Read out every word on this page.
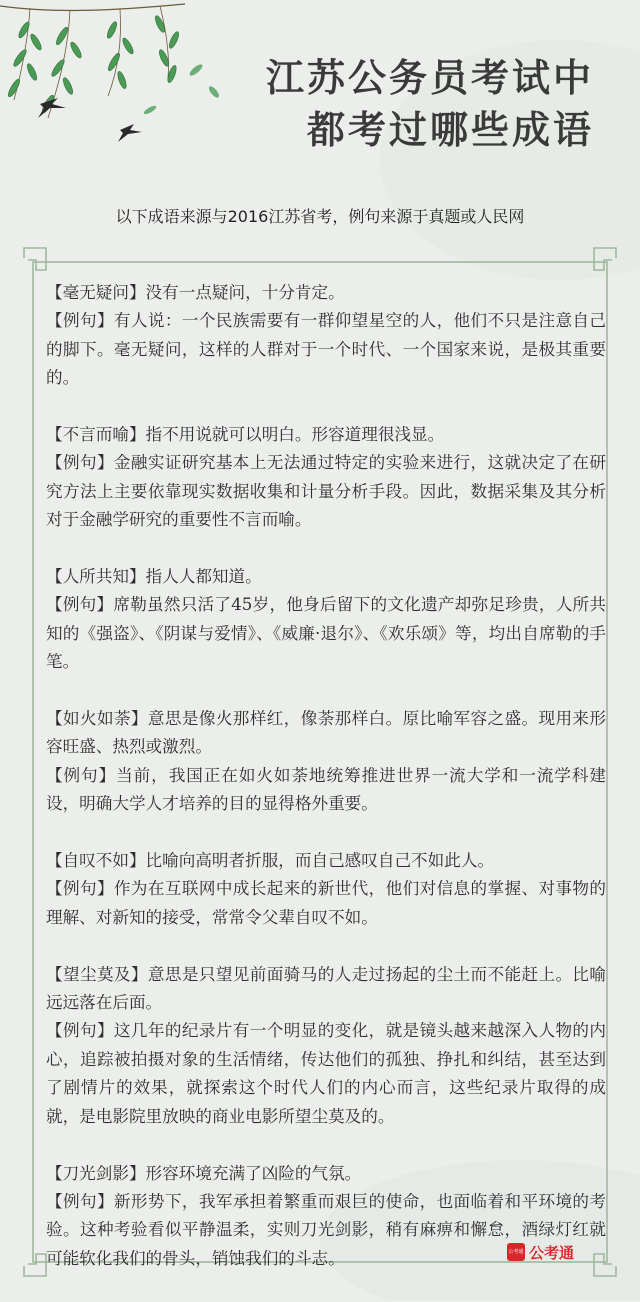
江苏公务员考试中
都考过哪些成语
以下成语来源与2016江苏省考，例句来源于真题或人民网

【毫无疑问】没有一点疑问，十分肯定。

【例句】有人说：一个民族需要有一群仰望星空的人，他们不只是注意自己的脚下。毫无疑问，这样的人群对于一个时代、一个国家来说，是极其重要的。

【不言而喻】指不用说就可以明白。形容道理很浅显。

【例句】金融实证研究基本上无法通过特定的实验来进行，这就决定了在研究方法上主要依靠现实数据收集和计量分析手段。因此，数据采集及其分析对于金融学研究的重要性不言而喻。

【人所共知】指人人都知道。

【例句】席勒虽然只活了45岁，他身后留下的文化遗产却弥足珍贵，人所共知的《强盗》、《阴谋与爱情》、《威廉·退尔》、《欢乐颂》等，均出自席勒的手笔。

【如火如荼】意思是像火那样红，像荼那样白。原比喻军容之盛。现用来形容旺盛、热烈或激烈。

【例句】当前，我国正在如火如荼地统筹推进世界一流大学和一流学科建设，明确大学人才培养的目的显得格外重要。

【自叹不如】比喻向高明者折服，而自己感叹自己不如此人。

【例句】作为在互联网中成长起来的新世代，他们对信息的掌握、对事物的理解、对新知的接受，常常令父辈自叹不如。

【望尘莫及】意思是只望见前面骑马的人走过扬起的尘土而不能赶上。比喻远远落在后面。

【例句】这几年的纪录片有一个明显的变化，就是镜头越来越深入人物的内心，追踪被拍摄对象的生活情绪，传达他们的孤独、挣扎和纠结，甚至达到了剧情片的效果，就探索这个时代人们的内心而言，这些纪录片取得的成就，是电影院里放映的商业电影所望尘莫及的。

【刀光剑影】形容环境充满了凶险的气氛。

【例句】新形势下，我军承担着繁重而艰巨的使命，也面临着和平环境的考验。这种考验看似平静温柔，实则刀光剑影，稍有麻痹和懈怠，酒绿灯红就可能软化我们的骨头，销蚀我们的斗志。	公考通 公考通
